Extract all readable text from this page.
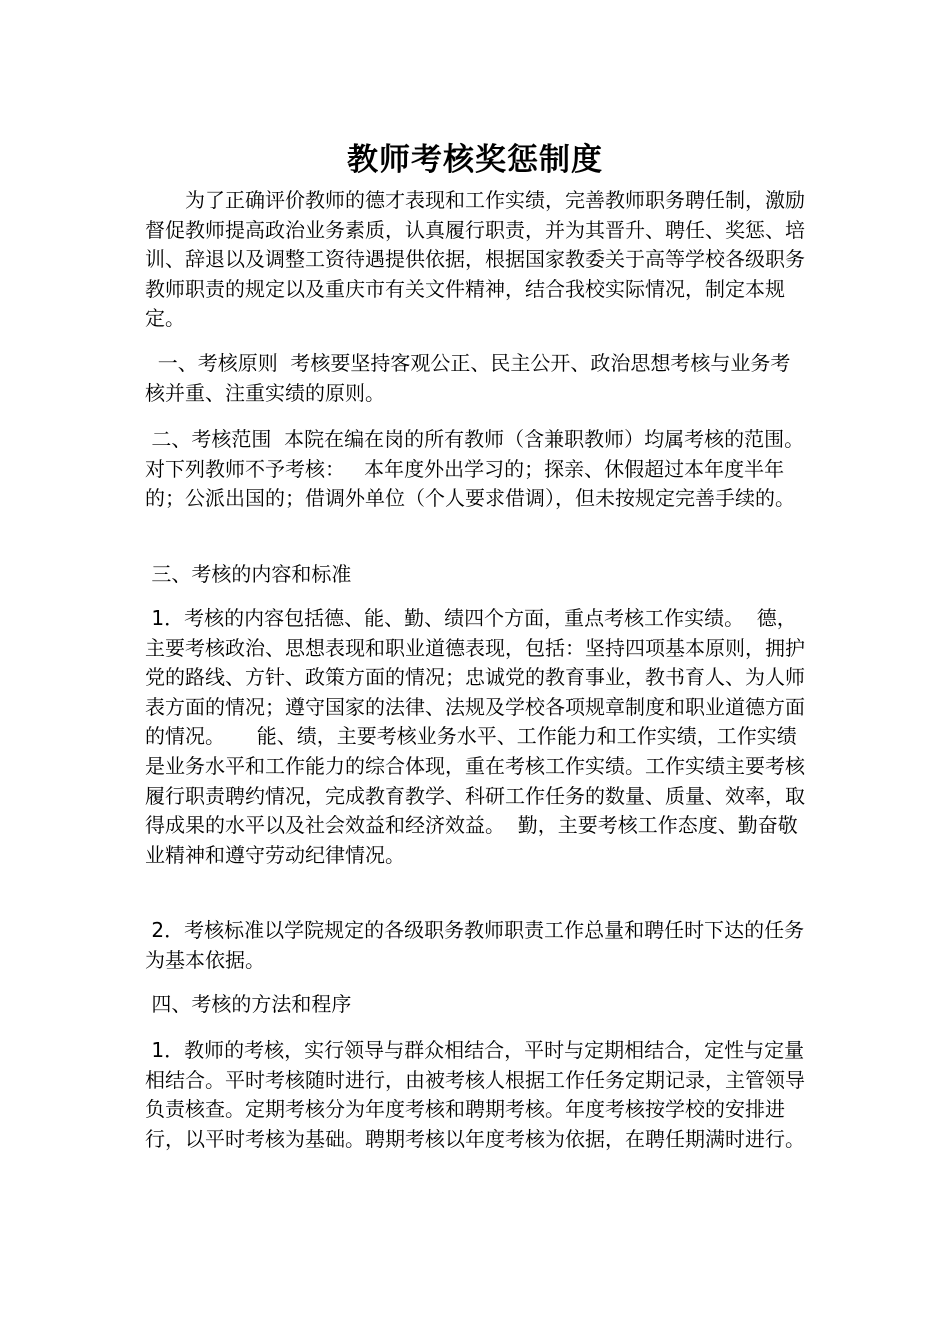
教师考核奖惩制度

为了正确评价教师的德才表现和工作实绩，完善教师职务聘任制，激励督促教师提高政治业务素质，认真履行职责，并为其晋升、聘任、奖惩、培训、辞退以及调整工资待遇提供依据，根据国家教委关于高等学校各级职务教师职责的规定以及重庆市有关文件精神，结合我校实际情况，制定本规定。

一、考核原则  考核要坚持客观公正、民主公开、政治思想考核与业务考核并重、注重实绩的原则。

二、考核范围  本院在编在岗的所有教师（含兼职教师）均属考核的范围。  对下列教师不予考核：   本年度外出学习的；探亲、休假超过本年度半年的；公派出国的；借调外单位（个人要求借调），但未按规定完善手续的。

三、考核的内容和标准

1．考核的内容包括德、能、勤、绩四个方面，重点考核工作实绩。  德，主要考核政治、思想表现和职业道德表现，包括：坚持四项基本原则，拥护党的路线、方针、政策方面的情况；忠诚党的教育事业，教书育人、为人师表方面的情况；遵守国家的法律、法规及学校各项规章制度和职业道德方面的情况。     能、绩，主要考核业务水平、工作能力和工作实绩，工作实绩是业务水平和工作能力的综合体现，重在考核工作实绩。工作实绩主要考核履行职责聘约情况，完成教育教学、科研工作任务的数量、质量、效率，取得成果的水平以及社会效益和经济效益。  勤，主要考核工作态度、勤奋敬业精神和遵守劳动纪律情况。

2．考核标准以学院规定的各级职务教师职责工作总量和聘任时下达的任务为基本依据。

四、考核的方法和程序

1．教师的考核，实行领导与群众相结合，平时与定期相结合，定性与定量相结合。平时考核随时进行，由被考核人根据工作任务定期记录，主管领导负责核查。定期考核分为年度考核和聘期考核。年度考核按学校的安排进行，以平时考核为基础。聘期考核以年度考核为依据，在聘任期满时进行。
